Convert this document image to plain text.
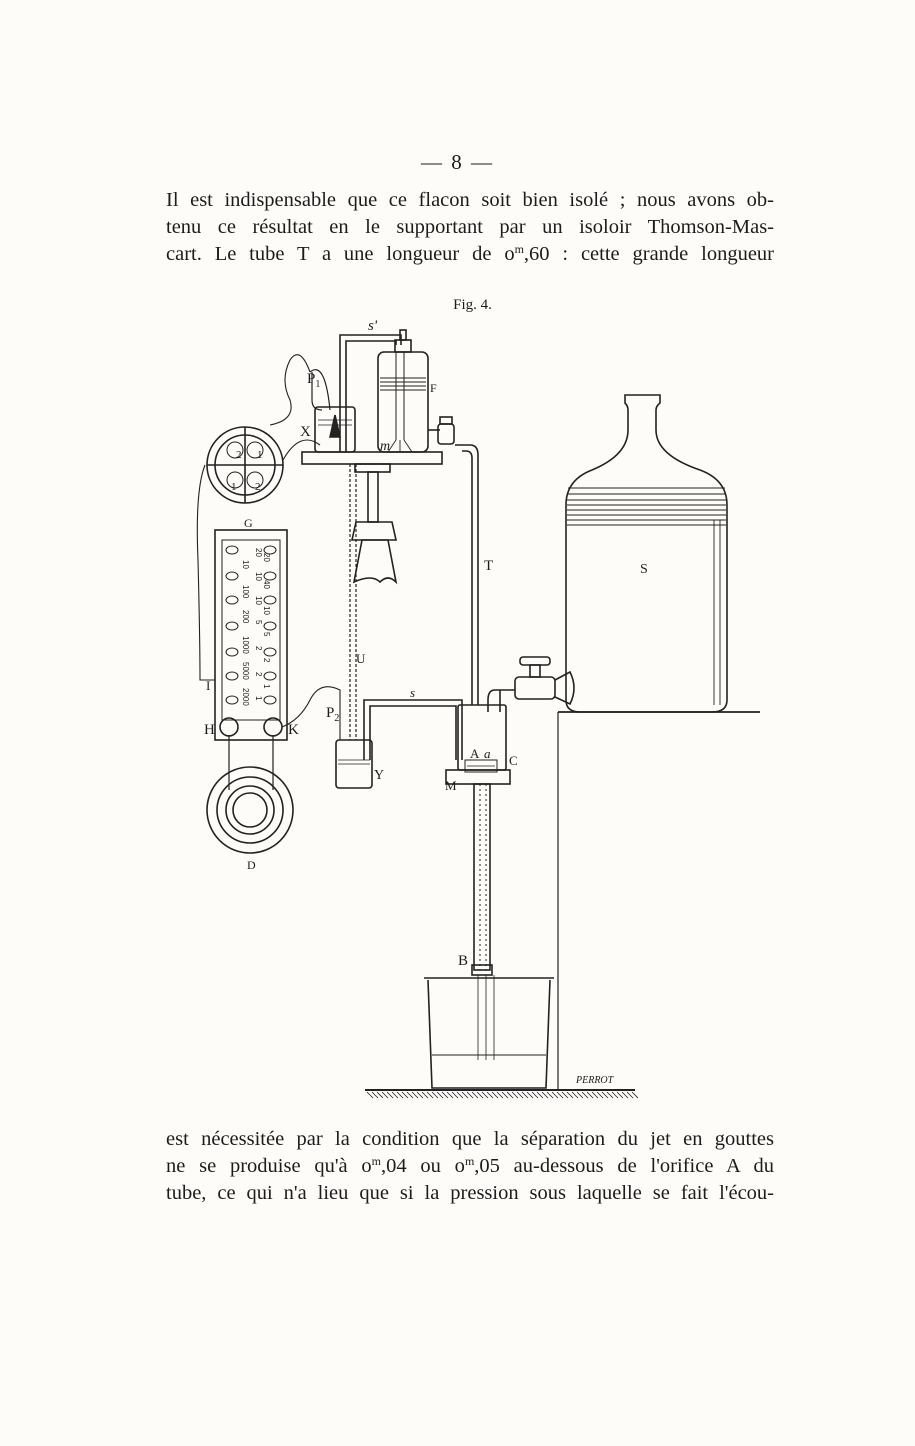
— 8 —
Il est indispensable que ce flacon soit bien isolé ; nous avons ob-
tenu ce résultat en le supportant par un isoloir Thomson-Mas-
cart. Le tube T a une longueur de $o^m,60$ : cette grande longueur
Fig. 4.
s'
$P_1$
X
F
m
G
T	S
U
I
H	K
$P_2$
s
A a C
M
Y
D
B
PERROT
2 1
1 2
10
100
200
1000
5000
2000
20
10
10
5
2
2
1
20
40
10
5
2
1
est nécessitée par la condition que la séparation du jet en gouttes
ne se produise qu'à $o^m,04$ ou $o^m,05$ au-dessous de l'orifice A du
tube, ce qui n'a lieu que si la pression sous laquelle se fait l'écou-
